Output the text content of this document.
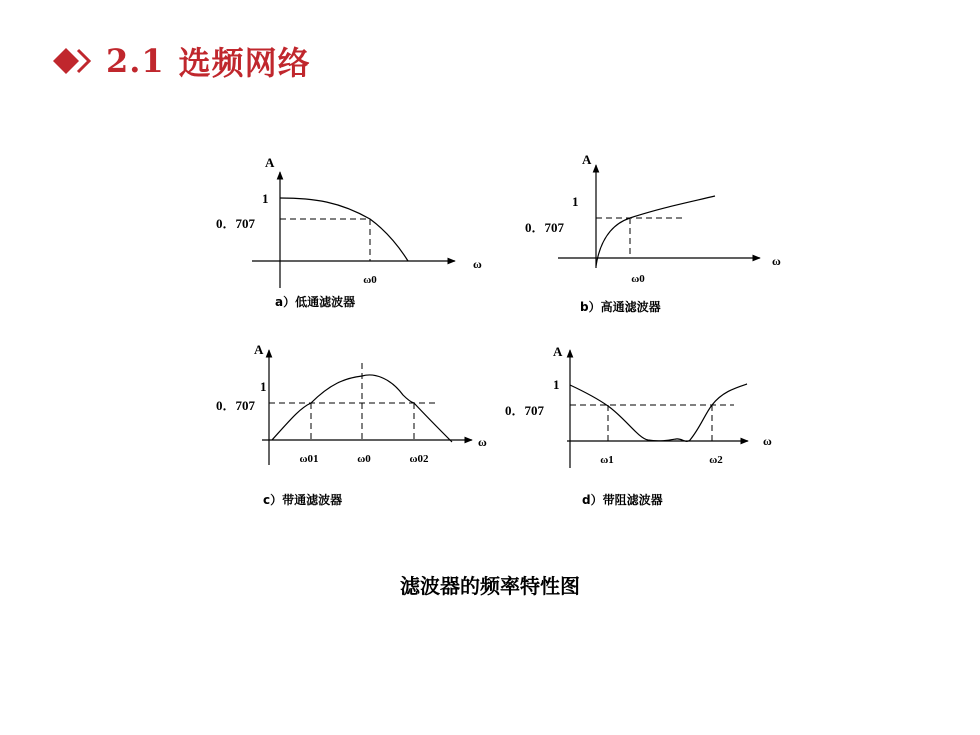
2.1 选频网络
A
ω
1
0．707
ω0
a）低通滤波器
A
ω
1
0．707
ω0
b）高通滤波器
A
ω
1
0．707
ω01	ω0	ω02
c）带通滤波器
A
ω
1
0．707
ω1	ω2
d）带阻滤波器
滤波器的频率特性图
